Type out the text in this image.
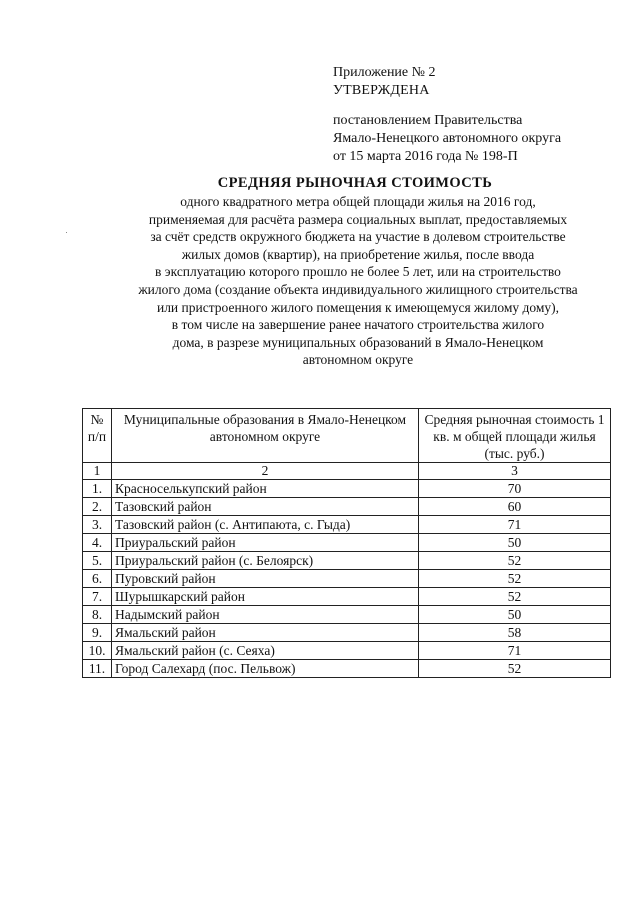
Приложение № 2
УТВЕРЖДЕНА
постановлением Правительства
Ямало-Ненецкого автономного округа
от 15 марта 2016 года № 198-П
СРЕДНЯЯ РЫНОЧНАЯ СТОИМОСТЬ
одного квадратного метра общей площади жилья на 2016 год,
применяемая для расчёта размера социальных выплат, предоставляемых
за счёт средств окружного бюджета на участие в долевом строительстве
жилых домов (квартир), на приобретение жилья, после ввода
в эксплуатацию которого прошло не более 5 лет, или на строительство
жилого дома (создание объекта индивидуального жилищного строительства
или пристроенного жилого помещения к имеющемуся жилому дому),
в том числе на завершение ранее начатого строительства жилого
дома, в разрезе муниципальных образований в Ямало-Ненецком
автономном округе
№ п/п	Муниципальные образования в Ямало-Ненецком автономном округе	Средняя рыночная стоимость 1 кв. м общей площади жилья (тыс. руб.)
1	2	3
1.	Красноселькупский район	70
2.	Тазовский район	60
3.	Тазовский район (с. Антипаюта, с. Гыда)	71
4.	Приуральский район	50
5.	Приуральский район (с. Белоярск)	52
6.	Пуровский район	52
7.	Шурышкарский район	52
8.	Надымский район	50
9.	Ямальский район	58
10.	Ямальский район (с. Сеяха)	71
11.	Город Салехард (пос. Пельвож)	52
